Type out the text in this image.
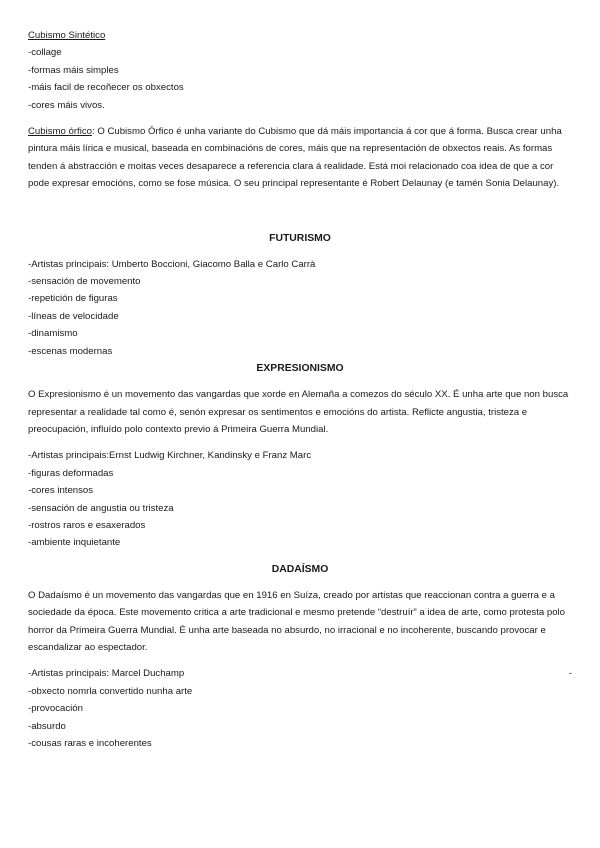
Cubismo Sintético

-collage

-formas máis simples

-máis facil de recoñecer os obxectos

-cores máis vivos.

Cubismo órfico: O Cubismo Órfico é unha variante do Cubismo que dá máis importancia á cor que á forma. Busca crear unha pintura máis lírica e musical, baseada en combinacións de cores, máis que na representación de obxectos reais. As formas tenden á abstracción e moitas veces desaparece a referencia clara á realidade. Está moi relacionado coa idea de que a cor pode expresar emocións, como se fose música. O seu principal representante é Robert Delaunay (e tamén Sonia Delaunay).

FUTURISMO

-Artistas principais: Umberto Boccioni, Giacomo Balla e Carlo Carrà

-sensación de movemento

-repetición de figuras

-líneas de velocidade

-dinamismo

-escenas modernas

EXPRESIONISMO

O Expresionismo é un movemento das vangardas que xorde en Alemaña a comezos do século XX. É unha arte que non busca representar a realidade tal como é, senón expresar os sentimentos e emocións do artista. Reflicte angustia, tristeza e preocupación, influído polo contexto previo á Primeira Guerra Mundial.

-Artistas principais:Ernst Ludwig Kirchner, Kandinsky e Franz Marc

-figuras deformadas

-cores intensos

-sensación de angustia ou tristeza

-rostros raros e esaxerados

-ambiente inquietante

DADAÍSMO

O Dadaísmo é un movemento das vangardas que en 1916 en Suíza, creado por artistas que reaccionan contra a guerra e a sociedade da época. Este movemento critica a arte tradicional e mesmo pretende “destruír” a idea de arte, como protesta polo horror da Primeira Guerra Mundial. É unha arte baseada no absurdo, no irracional e no incoherente, buscando provocar e escandalizar ao espectador.

-Artistas principais: Marcel Duchamp	-

-obxecto nomrla convertido nunha arte

-provocación

-absurdo

-cousas raras e incoherentes
